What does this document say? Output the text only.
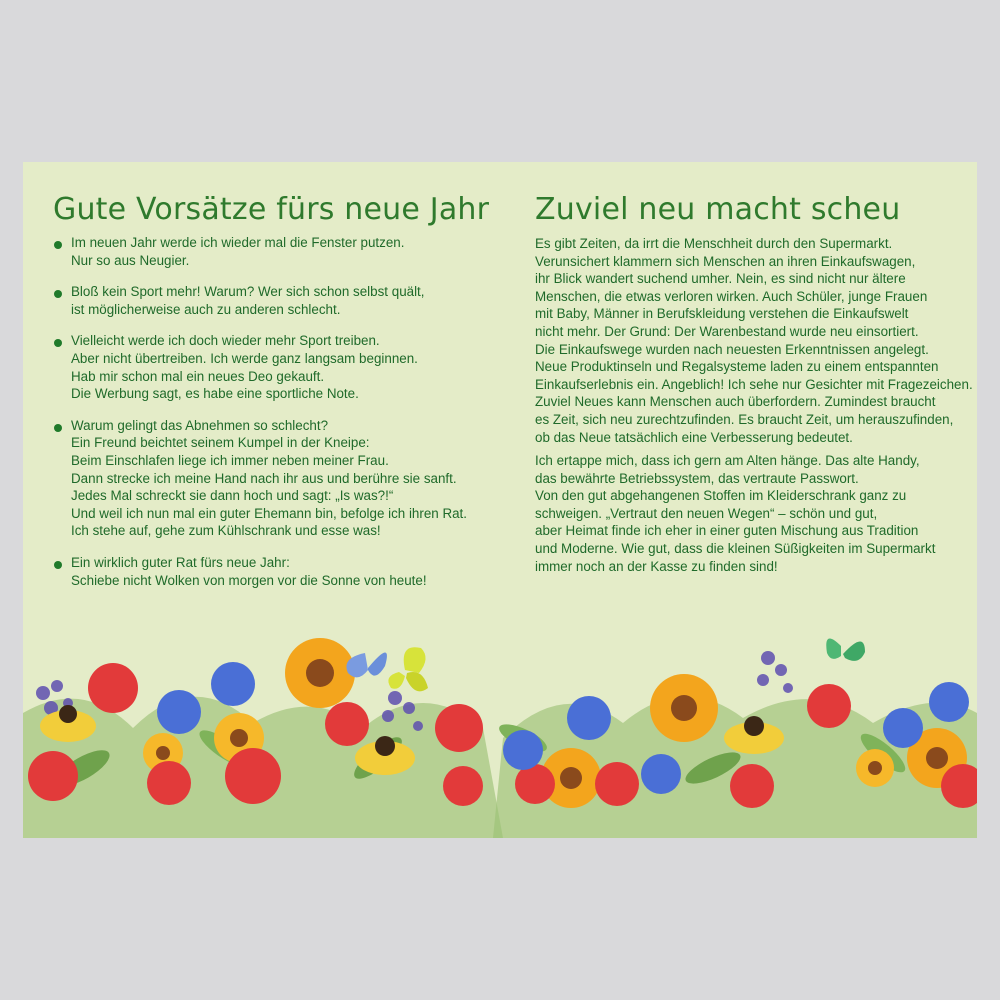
Gute Vorsätze fürs neue Jahr
Im neuen Jahr werde ich wieder mal die Fenster putzen.
Nur so aus Neugier.
Bloß kein Sport mehr! Warum? Wer sich schon selbst quält,
ist möglicherweise auch zu anderen schlecht.
Vielleicht werde ich doch wieder mehr Sport treiben.
Aber nicht übertreiben. Ich werde ganz langsam beginnen.
Hab mir schon mal ein neues Deo gekauft.
Die Werbung sagt, es habe eine sportliche Note.
Warum gelingt das Abnehmen so schlecht?
Ein Freund beichtet seinem Kumpel in der Kneipe:
Beim Einschlafen liege ich immer neben meiner Frau.
Dann strecke ich meine Hand nach ihr aus und berühre sie sanft.
Jedes Mal schreckt sie dann hoch und sagt: „Is was?!“
Und weil ich nun mal ein guter Ehemann bin, befolge ich ihren Rat.
Ich stehe auf, gehe zum Kühlschrank und esse was!
Ein wirklich guter Rat fürs neue Jahr:
Schiebe nicht Wolken von morgen vor die Sonne von heute!
Zuviel neu macht scheu
Es gibt Zeiten, da irrt die Menschheit durch den Supermarkt.
Verunsichert klammern sich Menschen an ihren Einkaufswagen,
ihr Blick wandert suchend umher. Nein, es sind nicht nur ältere
Menschen, die etwas verloren wirken. Auch Schüler, junge Frauen
mit Baby, Männer in Berufskleidung verstehen die Einkaufswelt
nicht mehr. Der Grund: Der Warenbestand wurde neu einsortiert.
Die Einkaufswege wurden nach neuesten Erkenntnissen angelegt.
Neue Produktinseln und Regalsysteme laden zu einem entspannten
Einkaufserlebnis ein. Angeblich! Ich sehe nur Gesichter mit Fragezeichen.
Zuviel Neues kann Menschen auch überfordern. Zumindest braucht
es Zeit, sich neu zurechtzufinden. Es braucht Zeit, um herauszufinden,
ob das Neue tatsächlich eine Verbesserung bedeutet.
Ich ertappe mich, dass ich gern am Alten hänge. Das alte Handy,
das bewährte Betriebssystem, das vertraute Passwort.
Von den gut abgehangenen Stoffen im Kleiderschrank ganz zu
schweigen. „Vertraut den neuen Wegen“ – schön und gut,
aber Heimat finde ich eher in einer guten Mischung aus Tradition
und Moderne. Wie gut, dass die kleinen Süßigkeiten im Supermarkt
immer noch an der Kasse zu finden sind!
